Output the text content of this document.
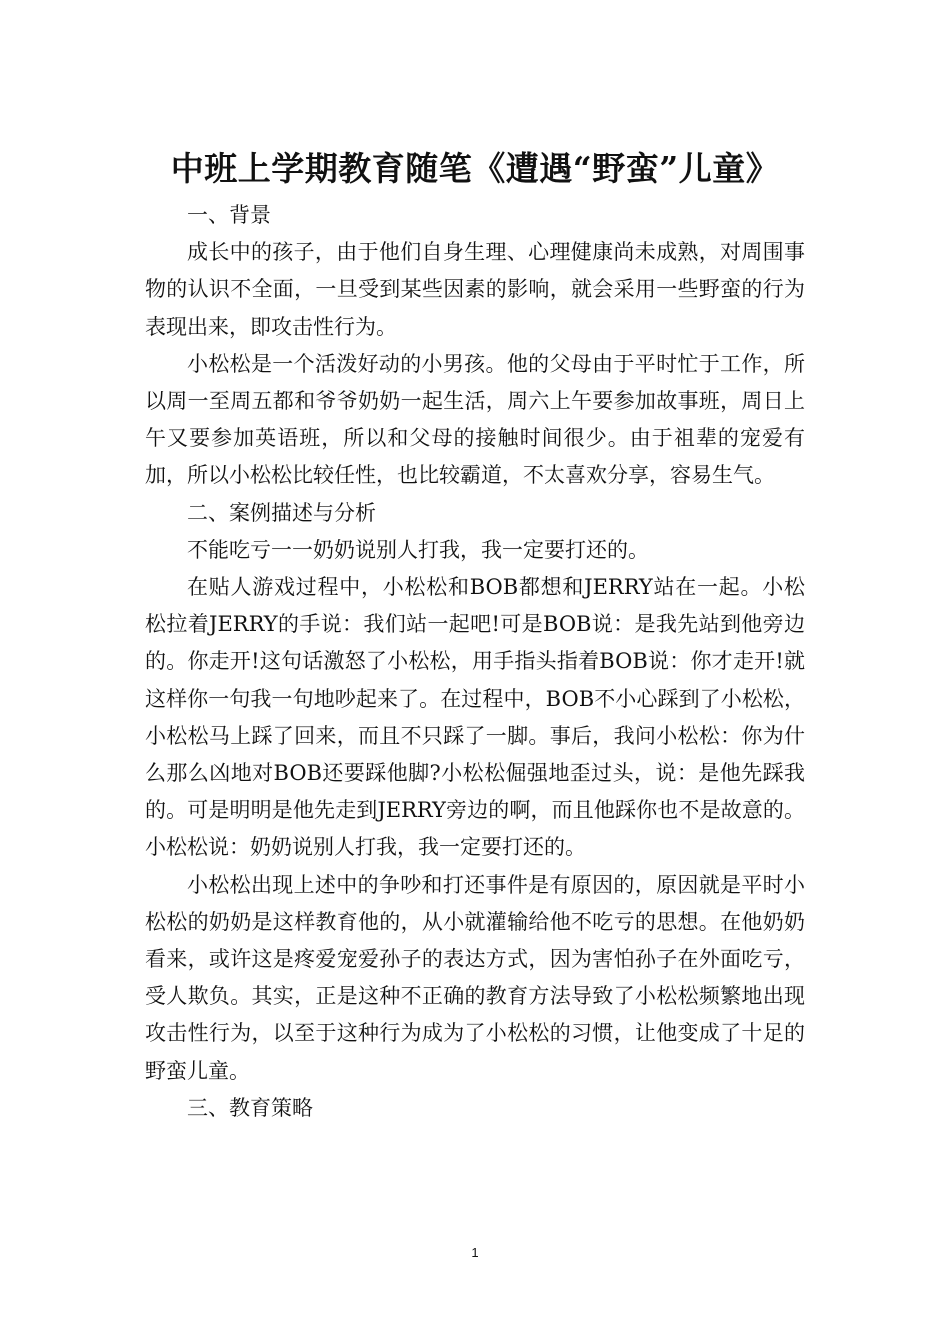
中班上学期教育随笔《遭遇“野蛮”儿童》

一、背景

成长中的孩子，由于他们自身生理、心理健康尚未成熟，对周围事物的认识不全面，一旦受到某些因素的影响，就会采用一些野蛮的行为表现出来，即攻击性行为。

小松松是一个活泼好动的小男孩。他的父母由于平时忙于工作，所以周一至周五都和爷爷奶奶一起生活，周六上午要参加故事班，周日上午又要参加英语班，所以和父母的接触时间很少。由于祖辈的宠爱有加，所以小松松比较任性，也比较霸道，不太喜欢分享，容易生气。

二、案例描述与分析

不能吃亏一一奶奶说别人打我，我一定要打还的。

在贴人游戏过程中，小松松和BOB都想和JERRY站在一起。小松松拉着JERRY的手说：我们站一起吧!可是BOB说：是我先站到他旁边的。你走开!这句话激怒了小松松，用手指头指着BOB说：你才走开!就这样你一句我一句地吵起来了。在过程中，BOB不小心踩到了小松松，小松松马上踩了回来，而且不只踩了一脚。事后，我问小松松：你为什么那么凶地对BOB还要踩他脚?小松松倔强地歪过头，说：是他先踩我的。可是明明是他先走到JERRY旁边的啊，而且他踩你也不是故意的。小松松说：奶奶说别人打我，我一定要打还的。

小松松出现上述中的争吵和打还事件是有原因的，原因就是平时小松松的奶奶是这样教育他的，从小就灌输给他不吃亏的思想。在他奶奶看来，或许这是疼爱宠爱孙子的表达方式，因为害怕孙子在外面吃亏，受人欺负。其实，正是这种不正确的教育方法导致了小松松频繁地出现攻击性行为，以至于这种行为成为了小松松的习惯，让他变成了十足的野蛮儿童。

三、教育策略

1
